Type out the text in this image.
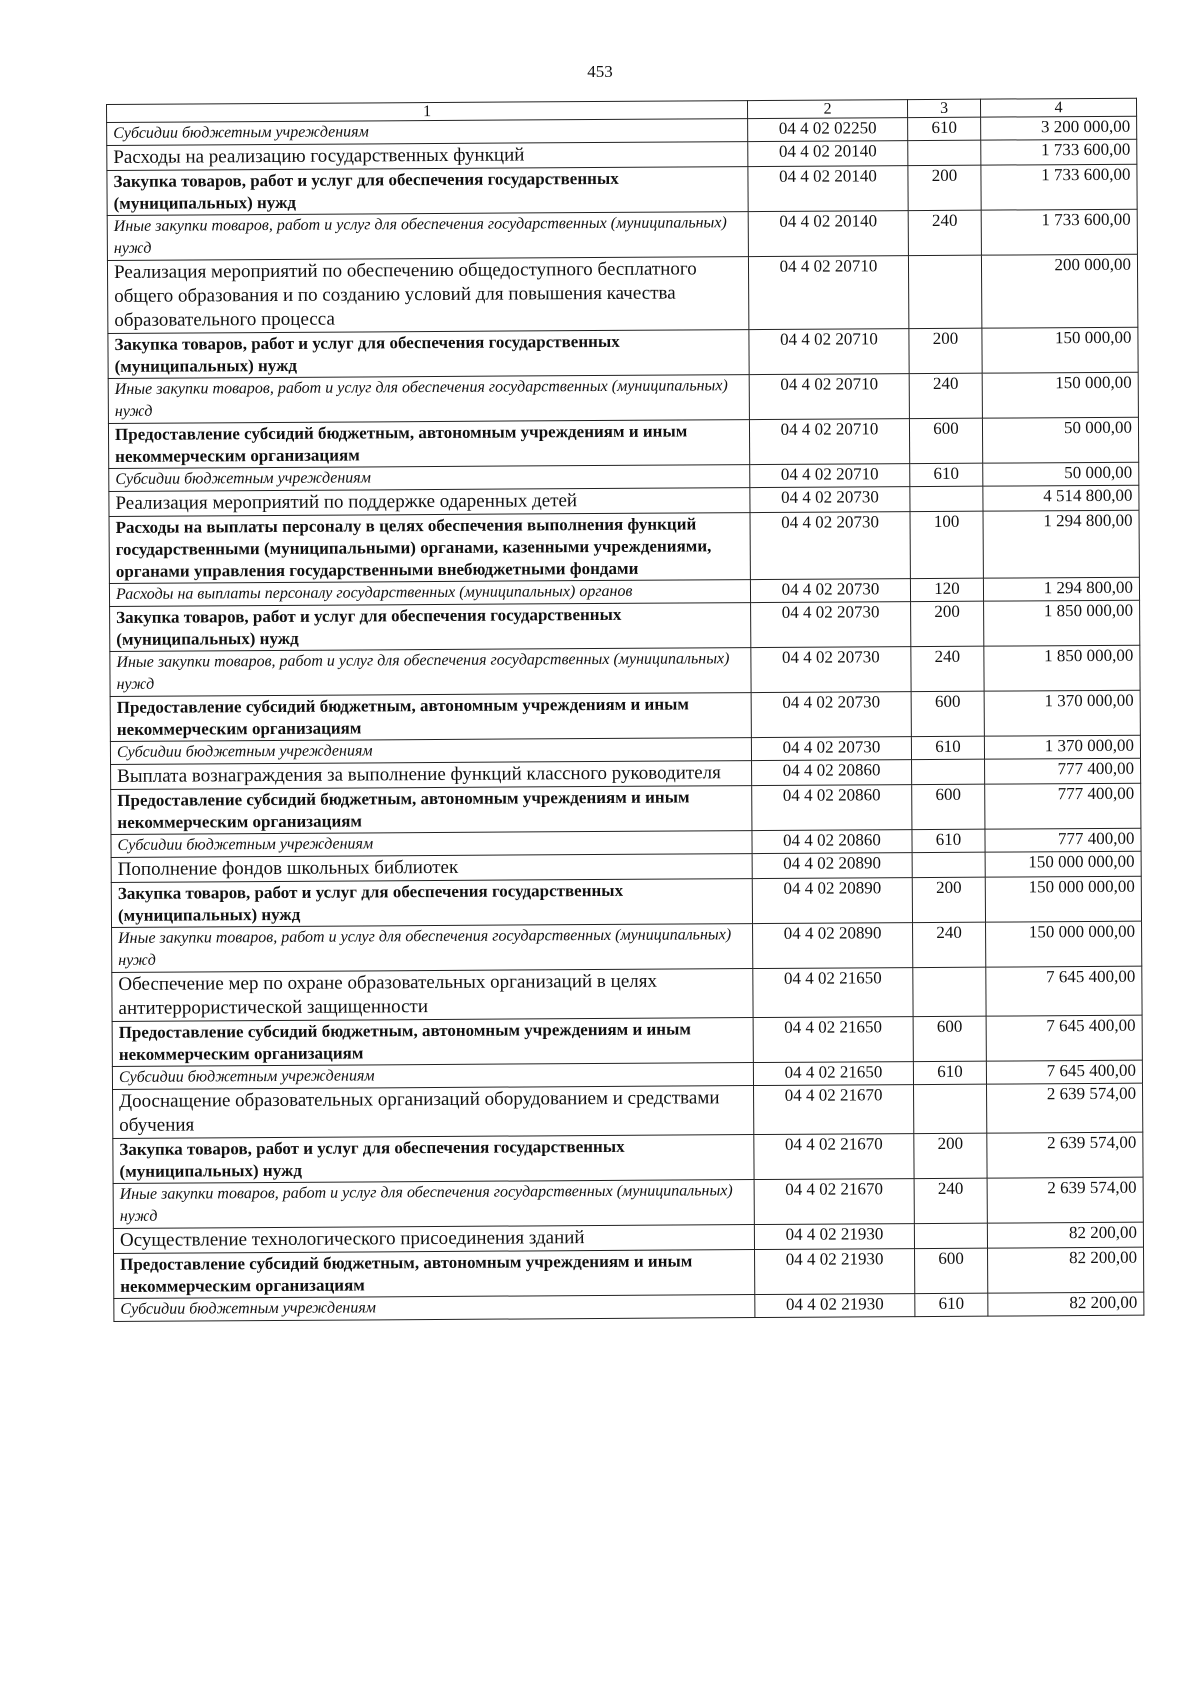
453
1	2	3	4
Субсидии бюджетным учреждениям	04 4 02 02250	610	3 200 000,00
Расходы на реализацию государственных функций	04 4 02 20140		1 733 600,00
Закупка товаров, работ и услуг для обеспечения государственных (муниципальных) нужд	04 4 02 20140	200	1 733 600,00
Иные закупки товаров, работ и услуг для обеспечения государственных (муниципальных) нужд	04 4 02 20140	240	1 733 600,00
Реализация мероприятий по обеспечению общедоступного бесплатного общего образования и по созданию условий для повышения качества образовательного процесса	04 4 02 20710		200 000,00
Закупка товаров, работ и услуг для обеспечения государственных (муниципальных) нужд	04 4 02 20710	200	150 000,00
Иные закупки товаров, работ и услуг для обеспечения государственных (муниципальных) нужд	04 4 02 20710	240	150 000,00
Предоставление субсидий бюджетным, автономным учреждениям и иным некоммерческим организациям	04 4 02 20710	600	50 000,00
Субсидии бюджетным учреждениям	04 4 02 20710	610	50 000,00
Реализация мероприятий по поддержке одаренных детей	04 4 02 20730		4 514 800,00
Расходы на выплаты персоналу в целях обеспечения выполнения функций государственными (муниципальными) органами, казенными учреждениями, органами управления государственными внебюджетными фондами	04 4 02 20730	100	1 294 800,00
Расходы на выплаты персоналу государственных (муниципальных) органов	04 4 02 20730	120	1 294 800,00
Закупка товаров, работ и услуг для обеспечения государственных (муниципальных) нужд	04 4 02 20730	200	1 850 000,00
Иные закупки товаров, работ и услуг для обеспечения государственных (муниципальных) нужд	04 4 02 20730	240	1 850 000,00
Предоставление субсидий бюджетным, автономным учреждениям и иным некоммерческим организациям	04 4 02 20730	600	1 370 000,00
Субсидии бюджетным учреждениям	04 4 02 20730	610	1 370 000,00
Выплата вознаграждения за выполнение функций классного руководителя	04 4 02 20860		777 400,00
Предоставление субсидий бюджетным, автономным учреждениям и иным некоммерческим организациям	04 4 02 20860	600	777 400,00
Субсидии бюджетным учреждениям	04 4 02 20860	610	777 400,00
Пополнение фондов школьных библиотек	04 4 02 20890		150 000 000,00
Закупка товаров, работ и услуг для обеспечения государственных (муниципальных) нужд	04 4 02 20890	200	150 000 000,00
Иные закупки товаров, работ и услуг для обеспечения государственных (муниципальных) нужд	04 4 02 20890	240	150 000 000,00
Обеспечение мер по охране образовательных организаций в целях антитеррористической защищенности	04 4 02 21650		7 645 400,00
Предоставление субсидий бюджетным, автономным учреждениям и иным некоммерческим организациям	04 4 02 21650	600	7 645 400,00
Субсидии бюджетным учреждениям	04 4 02 21650	610	7 645 400,00
Дооснащение образовательных организаций оборудованием и средствами обучения	04 4 02 21670		2 639 574,00
Закупка товаров, работ и услуг для обеспечения государственных (муниципальных) нужд	04 4 02 21670	200	2 639 574,00
Иные закупки товаров, работ и услуг для обеспечения государственных (муниципальных) нужд	04 4 02 21670	240	2 639 574,00
Осуществление технологического присоединения зданий	04 4 02 21930		82 200,00
Предоставление субсидий бюджетным, автономным учреждениям и иным некоммерческим организациям	04 4 02 21930	600	82 200,00
Субсидии бюджетным учреждениям	04 4 02 21930	610	82 200,00
